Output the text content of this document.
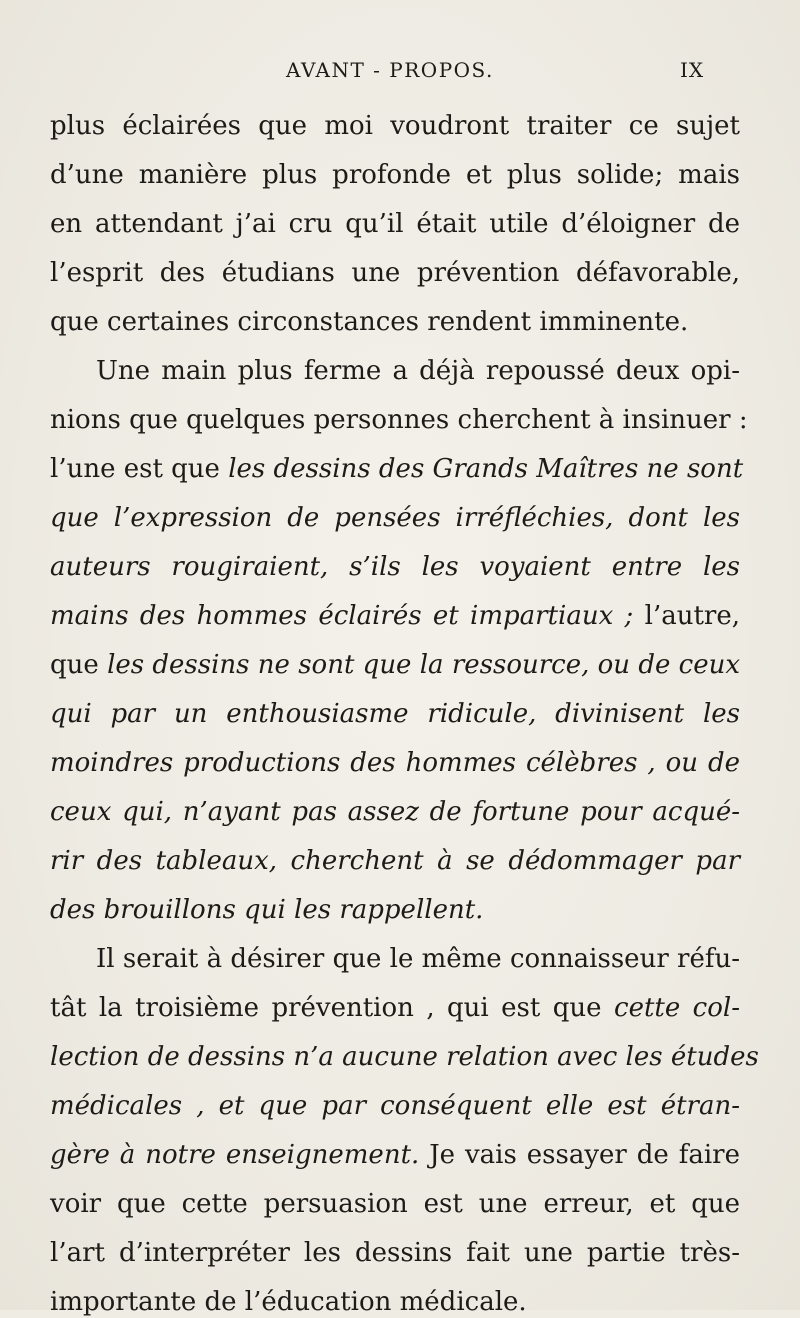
AVANT - PROPOS.	IX
plus éclairées que moi voudront traiter ce sujet
d’une manière plus profonde et plus solide; mais
en attendant j’ai cru qu’il était utile d’éloigner de
l’esprit des étudians une prévention défavorable,
que certaines circonstances rendent imminente.
Une main plus ferme a déjà repoussé deux opi-
nions que quelques personnes cherchent à insinuer :
l’une est que les dessins des Grands Maîtres ne sont
que l’expression de pensées irréfléchies, dont les
auteurs rougiraient, s’ils les voyaient entre les
mains des hommes éclairés et impartiaux ; l’autre,
que les dessins ne sont que la ressource, ou de ceux
qui par un enthousiasme ridicule, divinisent les
moindres productions des hommes célèbres , ou de
ceux qui, n’ayant pas assez de fortune pour acqué-
rir des tableaux, cherchent à se dédommager par
des brouillons qui les rappellent.
Il serait à désirer que le même connaisseur réfu-
tât la troisième prévention , qui est que cette col-
lection de dessins n’a aucune relation avec les études
médicales , et que par conséquent elle est étran-
gère à notre enseignement. Je vais essayer de faire
voir que cette persuasion est une erreur, et que
l’art d’interpréter les dessins fait une partie très-
importante de l’éducation médicale.
